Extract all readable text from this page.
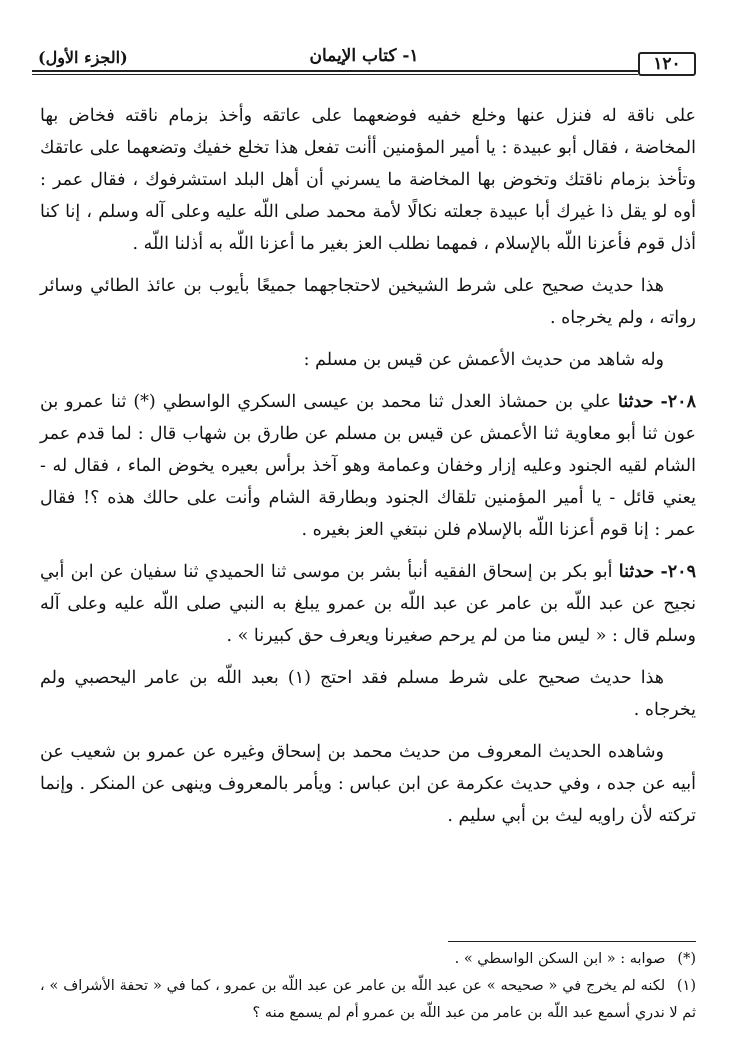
١٢٠
١- كتاب الإيمان
(الجزء الأول)

على ناقة له فنزل عنها وخلع خفيه فوضعهما على عاتقه وأخذ بزمام ناقته فخاض بها المخاضة ، فقال أبو عبيدة : يا أمير المؤمنين أأنت تفعل هذا تخلع خفيك وتضعهما على عاتقك وتأخذ بزمام ناقتك وتخوض بها المخاضة ما يسرني أن أهل البلد استشرفوك ، فقال عمر : أوه لو يقل ذا غيرك أبا عبيدة جعلته نكالًا لأمة محمد صلى اللّه عليه وعلى آله وسلم ، إنا كنا أذل قوم فأعزنا اللّه بالإسلام ، فمهما نطلب العز بغير ما أعزنا اللّه به أذلنا اللّه .

هذا حديث صحيح على شرط الشيخين لاحتجاجهما جميعًا بأيوب بن عائذ الطائي وسائر رواته ، ولم يخرجاه .

وله شاهد من حديث الأعمش عن قيس بن مسلم :

٢٠٨- حدثنا علي بن حمشاذ العدل ثنا محمد بن عيسى السكري الواسطي (*) ثنا عمرو بن عون ثنا أبو معاوية ثنا الأعمش عن قيس بن مسلم عن طارق بن شهاب قال : لما قدم عمر الشام لقيه الجنود وعليه إزار وخفان وعمامة وهو آخذ برأس بعيره يخوض الماء ، فقال له - يعني قائل - يا أمير المؤمنين تلقاك الجنود وبطارقة الشام وأنت على حالك هذه ؟! فقال عمر : إنا قوم أعزنا اللّه بالإسلام فلن نبتغي العز بغيره .

٢٠٩- حدثنا أبو بكر بن إسحاق الفقيه أنبأ بشر بن موسى ثنا الحميدي ثنا سفيان عن ابن أبي نجيح عن عبد اللّه بن عامر عن عبد اللّه بن عمرو يبلغ به النبي صلى اللّه عليه وعلى آله وسلم قال : « ليس منا من لم يرحم صغيرنا ويعرف حق كبيرنا » .

هذا حديث صحيح على شرط مسلم فقد احتج (١) بعبد اللّه بن عامر اليحصبي ولم يخرجاه .

وشاهده الحديث المعروف من حديث محمد بن إسحاق وغيره عن عمرو بن شعيب عن أبيه عن جده ، وفي حديث عكرمة عن ابن عباس : ويأمر بالمعروف وينهى عن المنكر . وإنما تركته لأن راويه ليث بن أبي سليم .

(*) صوابه : « ابن السكن الواسطي » .

(١) لكنه لم يخرج في « صحيحه » عن عبد اللّه بن عامر عن عبد اللّه بن عمرو ، كما في « تحفة الأشراف » ، ثم لا ندري أسمع عبد اللّه بن عامر من عبد اللّه بن عمرو أم لم يسمع منه ؟
